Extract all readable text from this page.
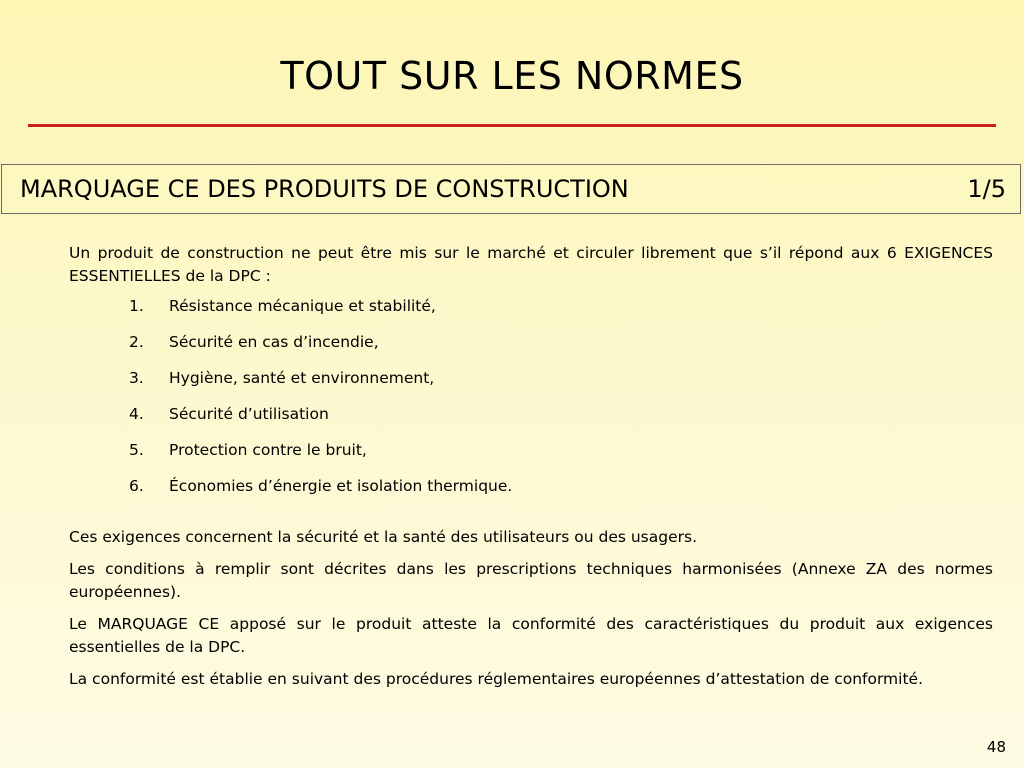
TOUT SUR LES NORMES
MARQUAGE CE DES PRODUITS DE CONSTRUCTION	1/5

Un produit de construction ne peut être mis sur le marché et circuler librement que s’il répond aux 6 EXIGENCES ESSENTIELLES de la DPC :

1.	Résistance mécanique et stabilité,
2.	Sécurité en cas d’incendie,
3.	Hygiène, santé et environnement,
4.	Sécurité d’utilisation
5.	Protection contre le bruit,
6.	Économies d’énergie et isolation thermique.

Ces exigences concernent la sécurité et la santé des utilisateurs ou des usagers.

Les conditions à remplir sont décrites dans les prescriptions techniques harmonisées (Annexe ZA des normes européennes).

Le MARQUAGE CE apposé sur le produit atteste la conformité des caractéristiques du produit aux exigences essentielles de la DPC.

La conformité est établie en suivant des procédures réglementaires européennes d’attestation de conformité.

48
